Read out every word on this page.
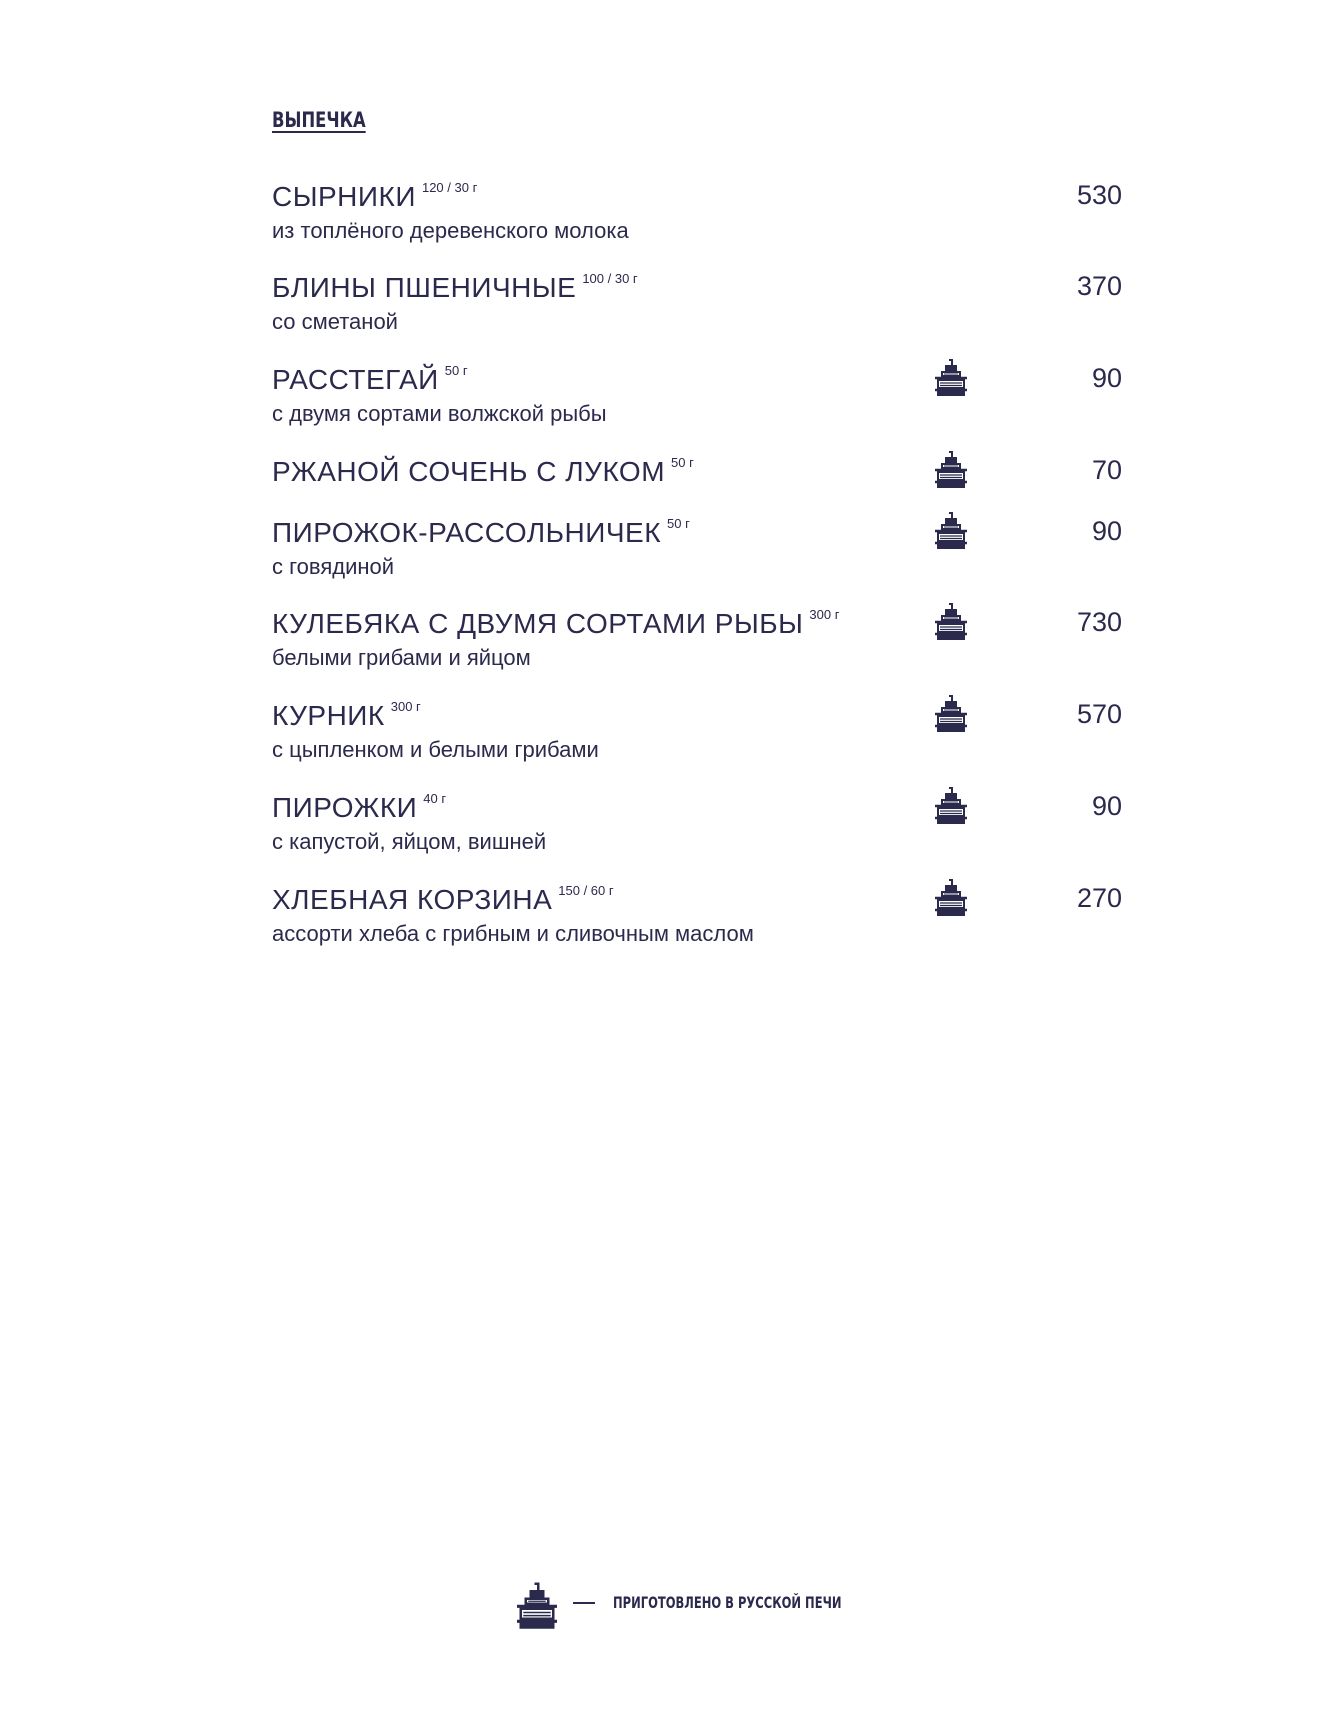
ВЫПЕЧКА
СЫРНИКИ $^{120 / 30 г}$
из топлёного деревенского молока
530
БЛИНЫ ПШЕНИЧНЫЕ $^{100 / 30 г}$
со сметаной
370
РАССТЕГАЙ $^{50 г}$
с двумя сортами волжской рыбы
90
РЖАНОЙ СОЧЕНЬ С ЛУКОМ $^{50 г}$	70
ПИРОЖОК-РАССОЛЬНИЧЕК $^{50 г}$
с говядиной
90
КУЛЕБЯКА С ДВУМЯ СОРТАМИ РЫБЫ $^{300 г}$
белыми грибами и яйцом
730
КУРНИК $^{300 г}$
с цыпленком и белыми грибами
570
ПИРОЖКИ $^{40 г}$
с капустой, яйцом, вишней
90
ХЛЕБНАЯ КОРЗИНА $^{150 / 60 г}$
ассорти хлеба с грибным и сливочным маслом
270
ПРИГОТОВЛЕНО В РУССКОЙ ПЕЧИ
